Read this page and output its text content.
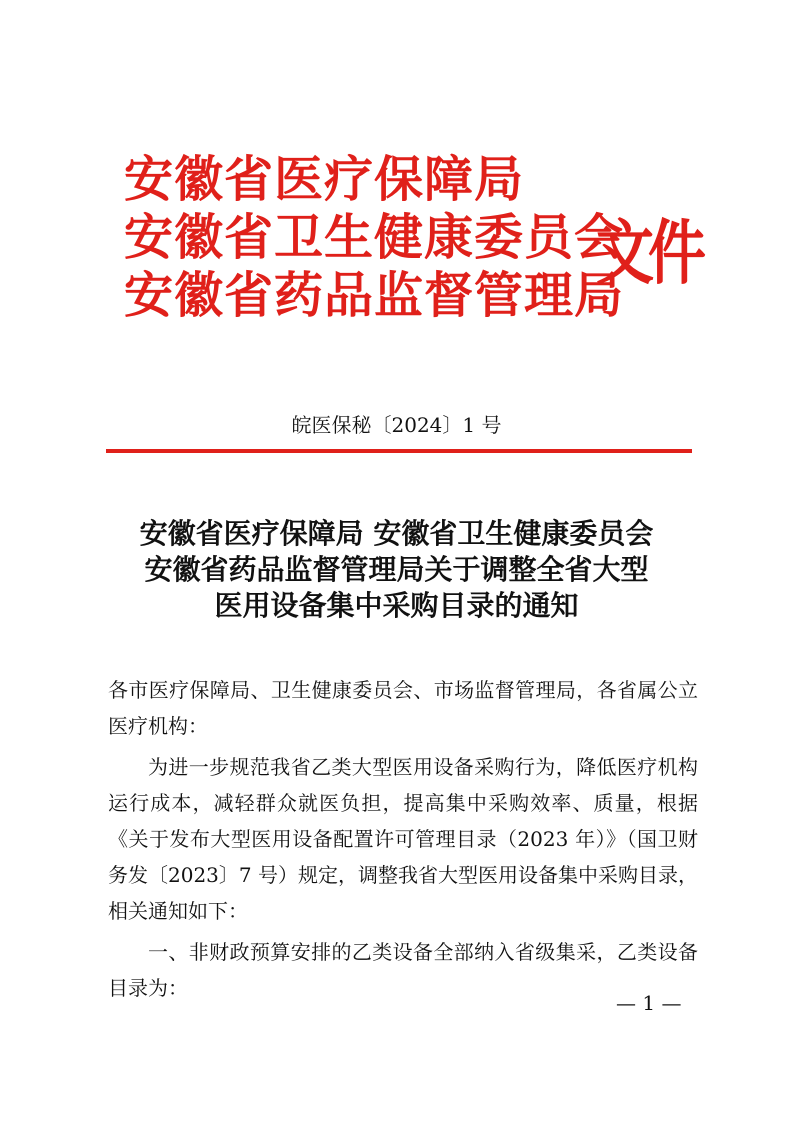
安徽省医疗保障局
安徽省卫生健康委员会
安徽省药品监督管理局
文件
皖医保秘〔2024〕1 号
安徽省医疗保障局 安徽省卫生健康委员会
安徽省药品监督管理局关于调整全省大型
医用设备集中采购目录的通知

各市医疗保障局、卫生健康委员会、市场监督管理局，各省属公立医疗机构：

为进一步规范我省乙类大型医用设备采购行为，降低医疗机构运行成本，减轻群众就医负担，提高集中采购效率、质量，根据《关于发布大型医用设备配置许可管理目录（2023 年）》（国卫财务发〔2023〕7 号）规定，调整我省大型医用设备集中采购目录，相关通知如下：

一、非财政预算安排的乙类设备全部纳入省级集采，乙类设备目录为：

— 1 —
